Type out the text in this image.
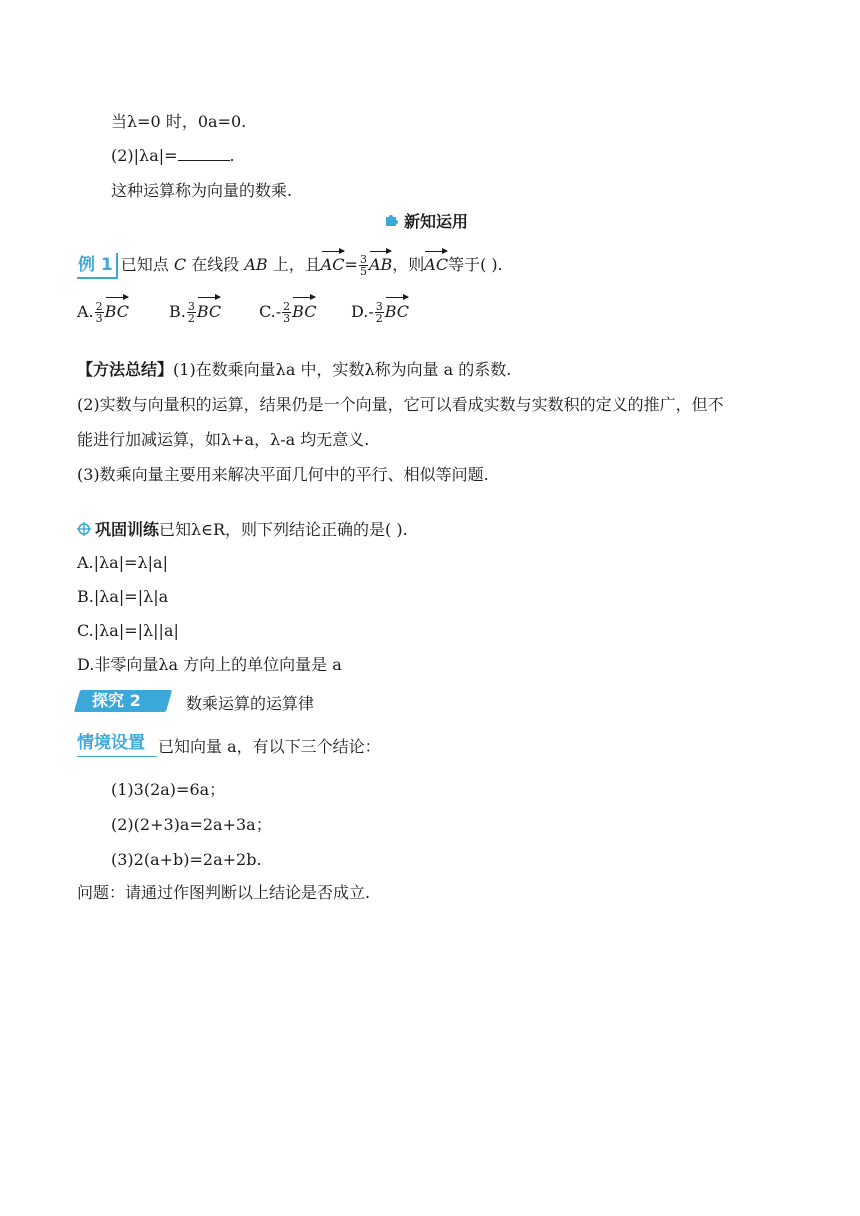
当λ=0 时，0a=0.
(2)|λa|=	.
这种运算称为向量的数乘.
新知运用
例 1 已知点 C 在线段 AB 上，且$AC= \frac{3}{5}$ AB，则AC等于( ).
A. $\frac{2}{3}$ BC	B. $\frac{3}{2}$ BC $C.- \frac{2}{3}$ BC $D.- \frac{3}{2}$ BC
【方法总结】(1)在数乘向量λa 中，实数λ称为向量 a 的系数.
(2)实数与向量积的运算，结果仍是一个向量，它可以看成实数与实数积的定义的推广，但不
能进行加减运算，如λ+a，λ-a 均无意义.
(3)数乘向量主要用来解决平面几何中的平行、相似等问题.
巩固训练已知λ∈R，则下列结论正确的是( ).
A.|λa|=λ|a|
B.|λa|=|λ|a
C.|λa|=|λ||a|
D.非零向量λa 方向上的单位向量是 a
探究 2	数乘运算的运算律
情境设置 已知向量 a，有以下三个结论：
(1)3(2a)=6a；
(2)(2+3)a=2a+3a；
(3)2(a+b)=2a+2b.
问题：请通过作图判断以上结论是否成立.
